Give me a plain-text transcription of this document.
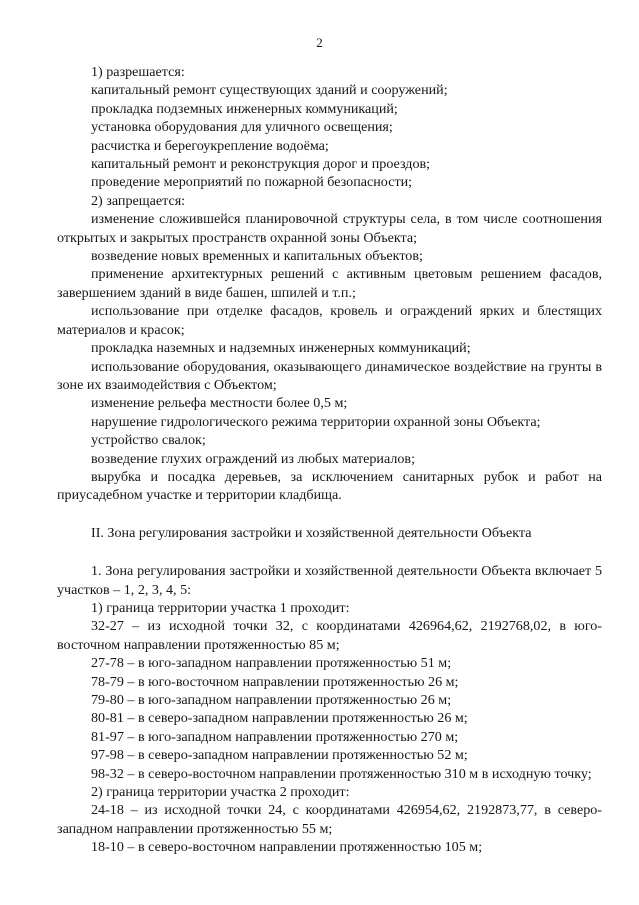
2

1) разрешается:

капитальный ремонт существующих зданий и сооружений;

прокладка подземных инженерных коммуникаций;

установка оборудования для уличного освещения;

расчистка и берегоукрепление водоёма;

капитальный ремонт и реконструкция дорог и проездов;

проведение мероприятий по пожарной безопасности;

2) запрещается:

изменение сложившейся планировочной структуры села, в том числе соотношения открытых и закрытых пространств охранной зоны Объекта;

возведение новых временных и капитальных объектов;

применение архитектурных решений с активным цветовым решением фасадов, завершением зданий в виде башен, шпилей и т.п.;

использование при отделке фасадов, кровель и ограждений ярких и блестящих материалов и красок;

прокладка наземных и надземных инженерных коммуникаций;

использование оборудования, оказывающего динамическое воздействие на грунты в зоне их взаимодействия с Объектом;

изменение рельефа местности более 0,5 м;

нарушение гидрологического режима территории охранной зоны Объекта;

устройство свалок;

возведение глухих ограждений из любых материалов;

вырубка и посадка деревьев, за исключением санитарных рубок и работ на приусадебном участке и территории кладбища.

II. Зона регулирования застройки и хозяйственной деятельности Объекта

1. Зона регулирования застройки и хозяйственной деятельности Объекта включает 5 участков – 1, 2, 3, 4, 5:

1) граница территории участка 1 проходит:

32-27 – из исходной точки 32, с координатами 426964,62, 2192768,02, в юго-восточном направлении протяженностью 85 м;

27-78 – в юго-западном направлении протяженностью 51 м;

78-79 – в юго-восточном направлении протяженностью 26 м;

79-80 – в юго-западном направлении протяженностью 26 м;

80-81 – в северо-западном направлении протяженностью 26 м;

81-97 – в юго-западном направлении протяженностью 270 м;

97-98 – в северо-западном направлении протяженностью 52 м;

98-32 – в северо-восточном направлении протяженностью 310 м в исходную точку;

2) граница территории участка 2 проходит:

24-18 – из исходной точки 24, с координатами 426954,62, 2192873,77, в северо-западном направлении протяженностью 55 м;

18-10 – в северо-восточном направлении протяженностью 105 м;
